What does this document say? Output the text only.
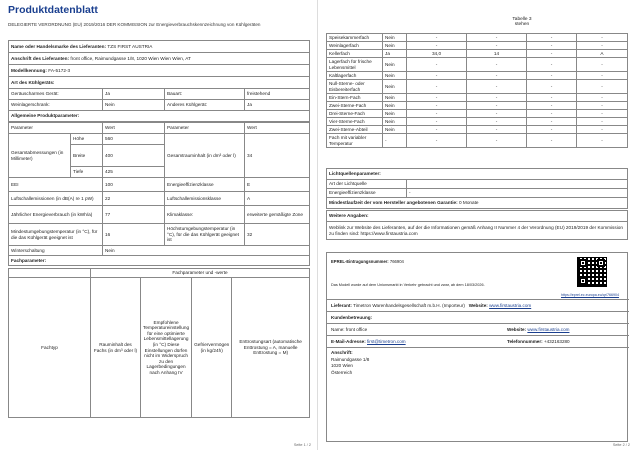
Produktdatenblatt
DELEGIERTE VERORDNUNG (EU) 2019/2016 DER KOMMISSION zur Energieverbrauchskennzeichnung von Kühlgeräten
Name oder Handelsmarke des Lieferanten: TZS FIRST AUSTRIA
Anschrift des Lieferanten: front office, Raimundgasse 1/8, 1020 Wien Wien Wien, AT
Modellkennung: FA-5172-3
Art des Kühlgeräts:
Geräuscharmes Gerät:	Ja	Bauart:	freistehend
Weinlagerschrank:	Nein	Anderes Kühlgerät:	Ja
Allgemeine Produktparameter:			
Parameter		Wert	Parameter	Wert
Gesamtabmessungen (in Millimeter)	Höhe	560	Gesamtrauminhalt (in dm³ oder l)	34
	Breite	400		
	Tiefe	425		
EEI		100	Energieeffizienzklasse	E
Luftschallemissionen (in dB(A) re 1 pW)		22	Luftschallemissionsklasse	A
Jährlicher Energieverbrauch (in kWh/a)		77	Klimaklasse:	erweiterte gemäßigte Zone
Mindestumgebungstemperatur (in °C), für die das Kühlgerät geeignet ist		16	Höchstumgebungstemperatur (in °C), für die das Kühlgerät geeignet ist	32
Winterschaltung		Nein		
Fachparameter:				
	Fachparameter und -werte			
Fachtyp	Rauminhalt des Fachs (in dm³ oder l)	Empfohlene Temperatureinstellung für eine optimierte Lebensmittellagerung (in °C) Diese Einstellungen dürfen nicht im Widerspruch zu den Lagerbedingungen nach Anhang IV	Gefriervermögen (in kg/24h)	Enttrostungsart (automatische Enttrostung = A, manuelle Enttrostung = M)
Seite 1 / 2
Tabelle 3
stehen
Speisekammerfach	Nein	-	-	-	-
Weinlagerfach	Nein	-	-	-	-
Kellerfach	Ja	34,0	14	-	A
Lagerfach für frische Lebensmittel	Nein	-	-	-	-
Kaltlagerfach	Nein	-	-	-	-
Null-Sterne- oder Eisbereiterfach	Nein	-	-	-	-
Ein-Stern-Fach	Nein	-	-	-	-
Zwei-Sterne-Fach	Nein	-	-	-	-
Drei-Sterne-Fach	Nein	-	-	-	-
Vier-Sterne-Fach	Nein	-	-	-	-
Zwei-Sterne-Abteil	Nein	-	-	-	-
Fach mit variabler Temperatur	-	-	-	-	-
Lichtquellenparameter:	
Art der Lichtquelle	
Energieeffizienzklasse	-
Mindestlaufzeit der vom Hersteller angebotenen Garantie: 0 Monate	
Weitere Angaben:
Weblink zur Website des Lieferanten, auf der die Informationen gemäß Anhang II Nummer 4 der Verordnung (EU) 2019/2019 der Kommission zu finden sind: https://www.firstaustria.com
EPREL-Eintragungsnummer: 766904
Das Modell wurde auf dem Unionsmarkt in Verkehr gebracht und zwar, ab dem 18/03/2026.
https://eprel.ec.europa.eu/qr/766904
Lieferant: Timetron Warenhandelsgesellschaft m.b.H. (Importeur) Website: www.firstaustria.com
Kundenbetreuung:
Name: front office	Website: www.firstaustria.com
E-Mail-Adresse: first@timetron.com	Telefonnummer: +432163280
Anschrift:
Raimundgasse 1/8
1020 Wien
Österreich
Seite 2 / 2
